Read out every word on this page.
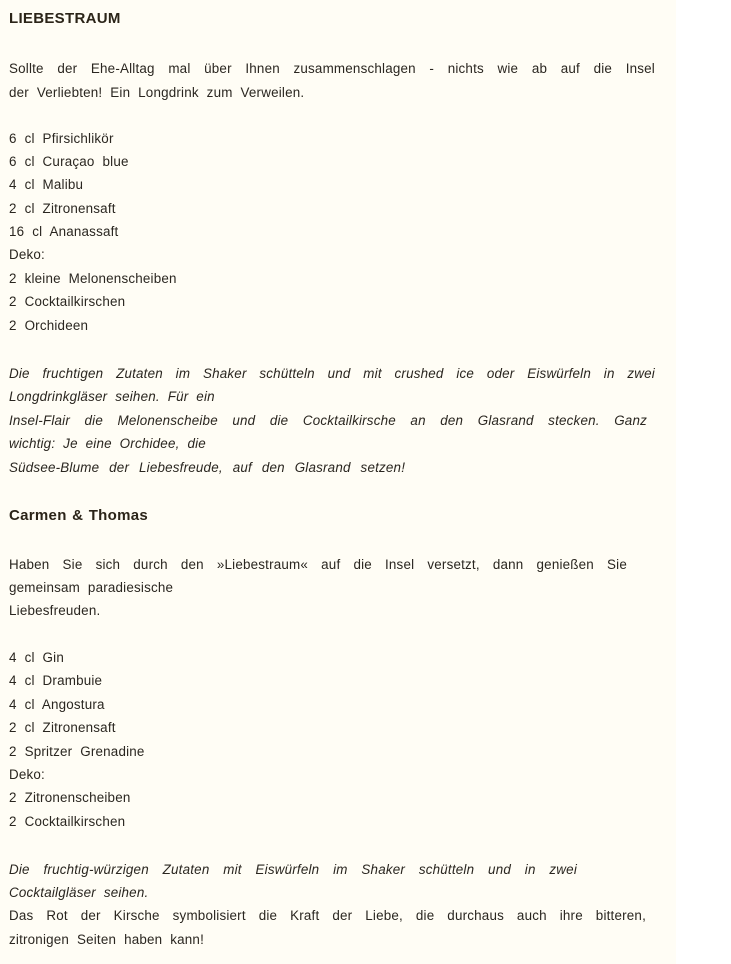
LIEBESTRAUM
Sollte der Ehe-Alltag mal über Ihnen zusammenschlagen - nichts wie ab auf die Insel
der Verliebten! Ein Longdrink zum Verweilen.
6 cl Pfirsichlikör
6 cl Curaçao blue
4 cl Malibu
2 cl Zitronensaft
16 cl Ananassaft
Deko:
2 kleine Melonenscheiben
2 Cocktailkirschen
2 Orchideen
Die fruchtigen Zutaten im Shaker schütteln und mit crushed ice oder Eiswürfeln in zwei
Longdrinkgläser seihen. Für ein
Insel-Flair die Melonenscheibe und die Cocktailkirsche an den Glasrand stecken. Ganz
wichtig: Je eine Orchidee, die
Südsee-Blume der Liebesfreude, auf den Glasrand setzen!
Carmen & Thomas
Haben Sie sich durch den »Liebestraum« auf die Insel versetzt, dann genießen Sie
gemeinsam paradiesische
Liebesfreuden.
4 cl Gin
4 cl Drambuie
4 cl Angostura
2 cl Zitronensaft
2 Spritzer Grenadine
Deko:
2 Zitronenscheiben
2 Cocktailkirschen
Die fruchtig-würzigen Zutaten mit Eiswürfeln im Shaker schütteln und in zwei
Cocktailgläser seihen.
Das Rot der Kirsche symbolisiert die Kraft der Liebe, die durchaus auch ihre bitteren,
zitronigen Seiten haben kann!
